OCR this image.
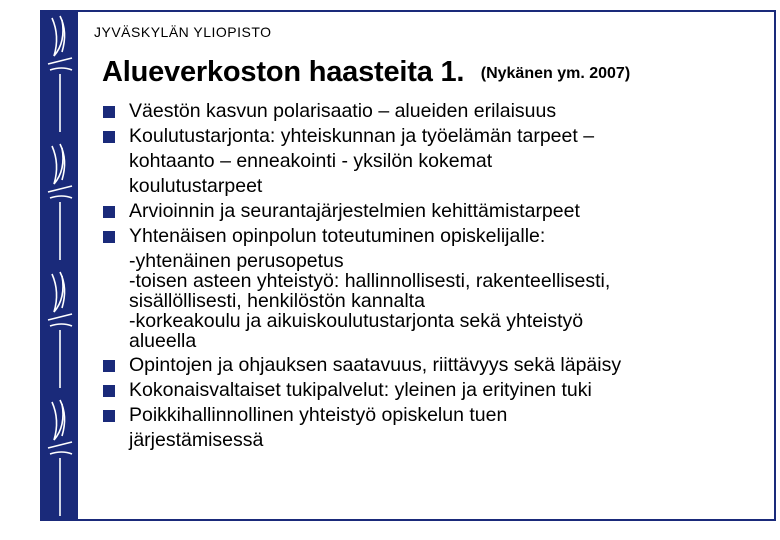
JYVÄSKYLÄN YLIOPISTO
Alueverkoston haasteita 1. (Nykänen ym. 2007)
Väestön kasvun polarisaatio – alueiden erilaisuus
Koulutustarjonta: yhteiskunnan ja työelämän tarpeet –
kohtaanto – enneakointi - yksilön kokemat
koulutustarpeet
Arvioinnin ja seurantajärjestelmien kehittämistarpeet
Yhtenäisen opinpolun toteutuminen opiskelijalle:
-yhtenäinen perusopetus
-toisen asteen yhteistyö: hallinnollisesti, rakenteellisesti,
sisällöllisesti, henkilöstön kannalta
-korkeakoulu ja aikuiskoulutustarjonta sekä yhteistyö
alueella
Opintojen ja ohjauksen saatavuus, riittävyys sekä läpäisy
Kokonaisvaltaiset tukipalvelut: yleinen ja erityinen tuki
Poikkihallinnollinen yhteistyö opiskelun tuen
järjestämisessä
